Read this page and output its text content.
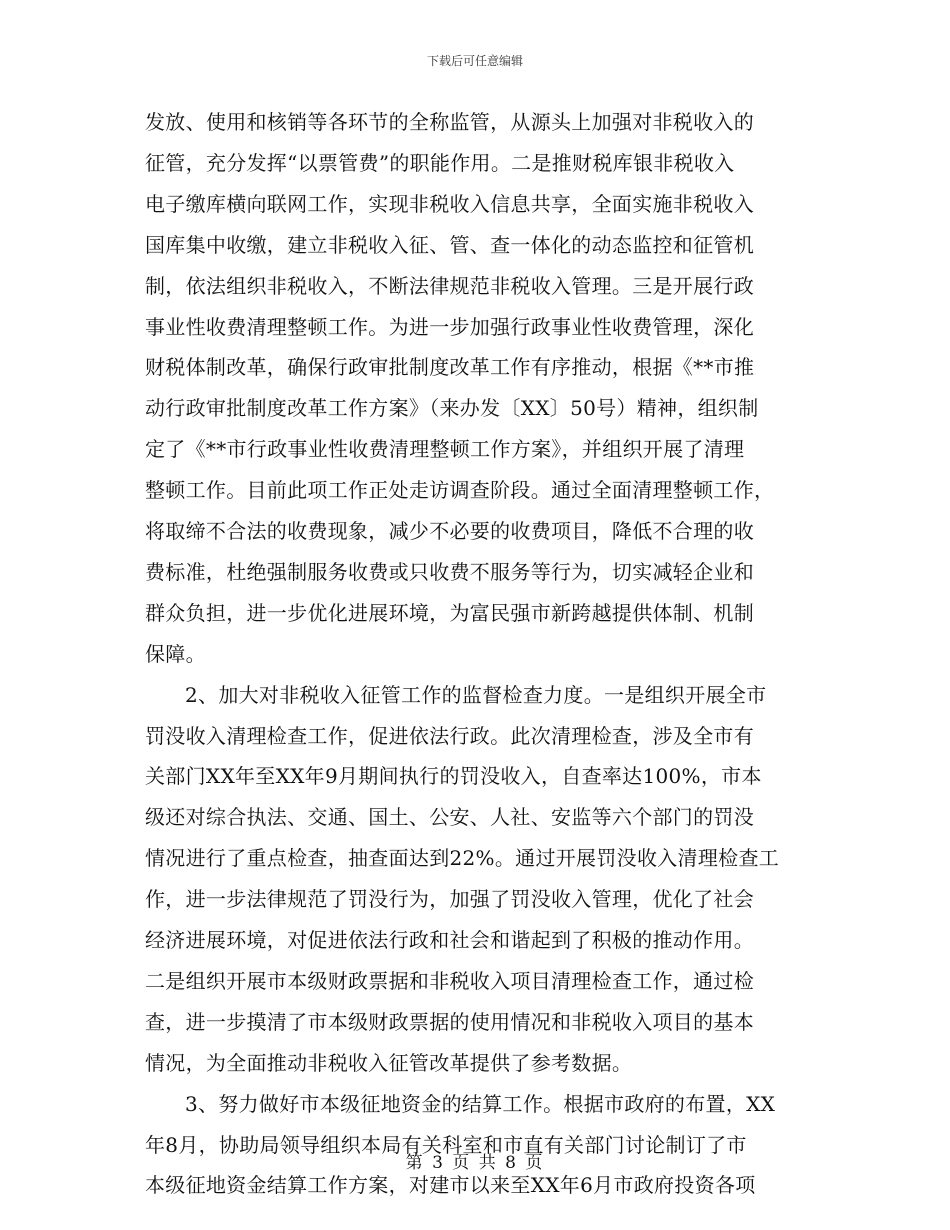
下载后可任意编辑
发放、使用和核销等各环节的全称监管，从源头上加强对非税收入的
征管，充分发挥“以票管费”的职能作用。二是推财税库银非税收入
电子缴库横向联网工作，实现非税收入信息共享，全面实施非税收入
国库集中收缴，建立非税收入征、管、查一体化的动态监控和征管机
制，依法组织非税收入，不断法律规范非税收入管理。三是开展行政
事业性收费清理整顿工作。为进一步加强行政事业性收费管理，深化
财税体制改革，确保行政审批制度改革工作有序推动，根据《**市推
动行政审批制度改革工作方案》（来办发〔XX〕50号）精神，组织制
定了《**市行政事业性收费清理整顿工作方案》，并组织开展了清理
整顿工作。目前此项工作正处走访调查阶段。通过全面清理整顿工作，
将取缔不合法的收费现象，减少不必要的收费项目，降低不合理的收
费标准，杜绝强制服务收费或只收费不服务等行为，切实减轻企业和
群众负担，进一步优化进展环境，为富民强市新跨越提供体制、机制
保障。
2、加大对非税收入征管工作的监督检查力度。一是组织开展全市
罚没收入清理检查工作，促进依法行政。此次清理检查，涉及全市有
关部门XX年至XX年9月期间执行的罚没收入，自查率达100%，市本
级还对综合执法、交通、国土、公安、人社、安监等六个部门的罚没
情况进行了重点检查，抽查面达到22%。通过开展罚没收入清理检查工
作，进一步法律规范了罚没行为，加强了罚没收入管理，优化了社会
经济进展环境，对促进依法行政和社会和谐起到了积极的推动作用。
二是组织开展市本级财政票据和非税收入项目清理检查工作，通过检
查，进一步摸清了市本级财政票据的使用情况和非税收入项目的基本
情况，为全面推动非税收入征管改革提供了参考数据。
3、努力做好市本级征地资金的结算工作。根据市政府的布置，XX
年8月，协助局领导组织本局有关科室和市直有关部门讨论制订了市
本级征地资金结算工作方案，对建市以来至XX年6月市政府投资各项
第 3 页 共 8 页
